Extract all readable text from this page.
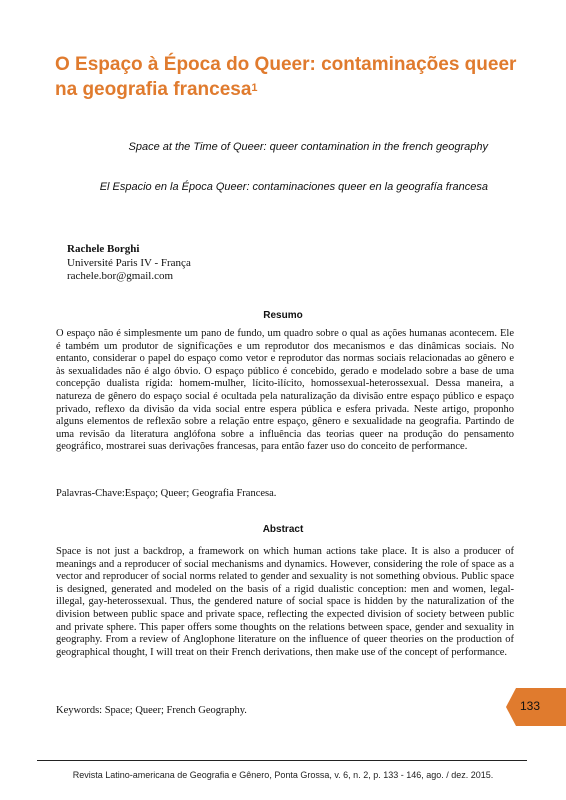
O Espaço à Época do Queer: contaminações queer na geografia francesa$^1$
Space at the Time of Queer: queer contamination in the french geography
El Espacio en la Época Queer: contaminaciones queer en la geografía francesa
Rachele Borghi
Université Paris IV - França
rachele.bor@gmail.com
Resumo

O espaço não é simplesmente um pano de fundo, um quadro sobre o qual as ações humanas acontecem. Ele é também um produtor de significações e um reprodutor dos mecanismos e das dinâmicas sociais. No entanto, considerar o papel do espaço como vetor e reprodutor das normas sociais relacionadas ao gênero e às sexualidades não é algo óbvio. O espaço público é concebido, gerado e modelado sobre a base de uma concepção dualista rígida: homem-mulher, lícito-ilícito, homossexual-heterossexual. Dessa maneira, a natureza de gênero do espaço social é ocultada pela naturalização da divisão entre espaço público e espaço privado, reflexo da divisão da vida social entre espera pública e esfera privada. Neste artigo, proponho alguns elementos de reflexão sobre a relação entre espaço, gênero e sexualidade na geografia. Partindo de uma revisão da literatura anglófona sobre a influência das teorias queer na produção do pensamento geográfico, mostrarei suas derivações francesas, para então fazer uso do conceito de performance.

Palavras-Chave:Espaço; Queer; Geografia Francesa.

Abstract

Space is not just a backdrop, a framework on which human actions take place. It is also a producer of meanings and a reproducer of social mechanisms and dynamics. However, considering the role of space as a vector and reproducer of social norms related to gender and sexuality is not something obvious. Public space is designed, generated and modeled on the basis of a rigid dualistic conception: men and women, legal-illegal, gay-heterossexual. Thus, the gendered nature of social space is hidden by the naturalization of the division between public space and private space, reflecting the expected division of society between public and private sphere. This paper offers some thoughts on the relations between space, gender and sexuality in geography. From a review of Anglophone literature on the influence of queer theories on the production of geographical thought, I will treat on their French derivations, then make use of the concept of performance.

Keywords: Space; Queer; French Geography.	133
Revista Latino-americana de Geografia e Gênero, Ponta Grossa, v. 6, n. 2, p. 133 - 146, ago. / dez. 2015.
